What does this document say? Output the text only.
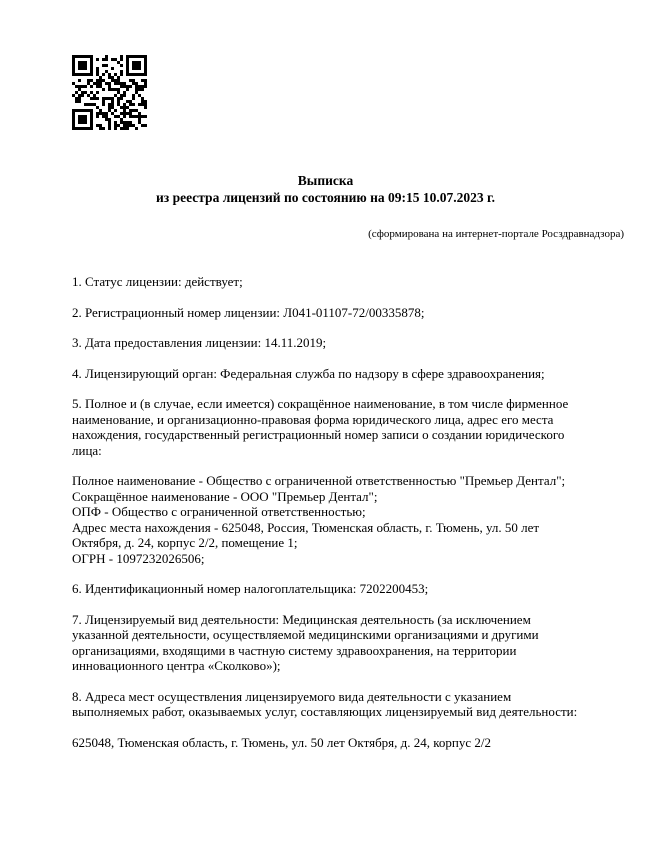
Выписка
из реестра лицензий по состоянию на 09:15 10.07.2023 г.
(сформирована на интернет-портале Росздравнадзора)

1. Статус лицензии: действует;

2. Регистрационный номер лицензии: Л041-01107-72/00335878;

3. Дата предоставления лицензии: 14.11.2019;

4. Лицензирующий орган: Федеральная служба по надзору в сфере здравоохранения;

5. Полное и (в случае, если имеется) сокращённое наименование, в том числе фирменное наименование, и организационно-правовая форма юридического лица, адрес его места нахождения, государственный регистрационный номер записи о создании юридического лица:

Полное наименование - Общество с ограниченной ответственностью "Премьер Дентал";
Сокращённое наименование - ООО "Премьер Дентал";
ОПФ - Общество с ограниченной ответственностью;
Адрес места нахождения - 625048, Россия, Тюменская область, г. Тюмень, ул. 50 лет Октября, д. 24, корпус 2/2, помещение 1;
ОГРН - 1097232026506;

6. Идентификационный номер налогоплательщика: 7202200453;

7. Лицензируемый вид деятельности: Медицинская деятельность (за исключением указанной деятельности, осуществляемой медицинскими организациями и другими организациями, входящими в частную систему здравоохранения, на территории инновационного центра «Сколково»);

8. Адреса мест осуществления лицензируемого вида деятельности с указанием выполняемых работ, оказываемых услуг, составляющих лицензируемый вид деятельности:

625048, Тюменская область, г. Тюмень, ул. 50 лет Октября, д. 24, корпус 2/2
